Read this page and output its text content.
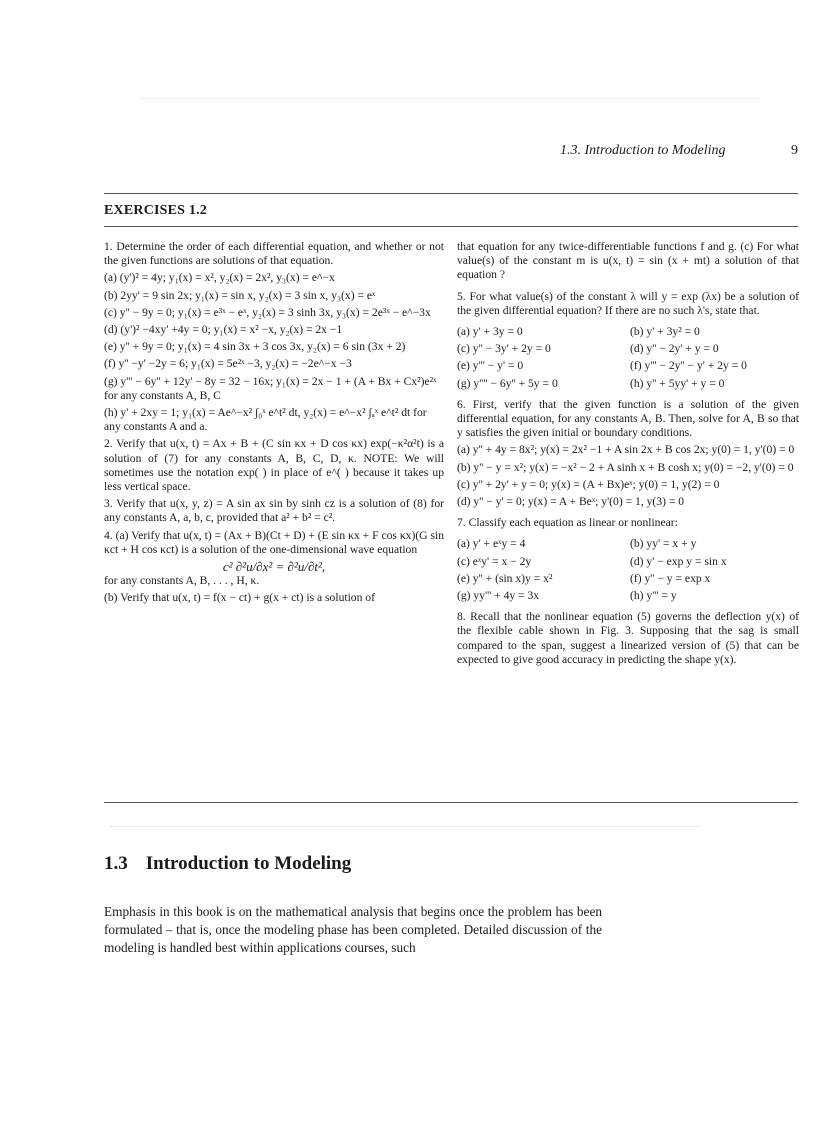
1.3. Introduction to Modeling	9
EXERCISES 1.2

1. Determine the order of each differential equation, and whether or not the given functions are solutions of that equation.

(a) (y')² = 4y; y₁(x) = x², y₂(x) = 2x², y₃(x) = e^−x

(b) 2yy' = 9 sin 2x; y₁(x) = sin x, y₂(x) = 3 sin x, y₃(x) = eˣ

(c) y'' − 9y = 0; y₁(x) = e³ˣ − eˣ, y₂(x) = 3 sinh 3x, y₃(x) = 2e³ˣ − e^−3x

(d) (y')² −4xy' +4y = 0; y₁(x) = x² −x, y₂(x) = 2x −1

(e) y'' + 9y = 0; y₁(x) = 4 sin 3x + 3 cos 3x, y₂(x) = 6 sin (3x + 2)

(f) y'' −y' −2y = 6; y₁(x) = 5e²ˣ −3, y₂(x) = −2e^−x −3

(g) y''' − 6y'' + 12y' − 8y = 32 − 16x; y₁(x) = 2x − 1 + (A + Bx + Cx²)e²ˣ for any constants A, B, C

(h) y' + 2xy = 1; y₁(x) = Ae^−x² ∫₀ˣ e^t² dt, y₂(x) = e^−x² ∫ₐˣ e^t² dt for any constants A and a.

2. Verify that u(x, t) = Ax + B + (C sin κx + D cos κx) exp(−κ²α²t) is a solution of (7) for any constants A, B, C, D, κ. NOTE: We will sometimes use the notation exp( ) in place of e^( ) because it takes up less vertical space.

3. Verify that u(x, y, z) = A sin ax sin by sinh cz is a solution of (8) for any constants A, a, b, c, provided that a² + b² = c².

4. (a) Verify that u(x, t) = (Ax + B)(Ct + D) + (E sin κx + F cos κx)(G sin κct + H cos κct) is a solution of the one-dimensional wave equation

c² ∂²u/∂x² = ∂²u/∂t²,

for any constants A, B, . . . , H, κ.

(b) Verify that u(x, t) = f(x − ct) + g(x + ct) is a solution of

that equation for any twice-differentiable functions f and g. (c) For what value(s) of the constant m is u(x, t) = sin (x + mt) a solution of that equation ?

5. For what value(s) of the constant λ will y = exp (λx) be a solution of the given differential equation? If there are no such λ's, state that.

(a) y' + 3y = 0	(b) y' + 3y² = 0
(c) y'' − 3y' + 2y = 0	(d) y'' − 2y' + y = 0
(e) y''' − y' = 0	(f) y''' − 2y'' − y' + 2y = 0
(g) y'''' − 6y'' + 5y = 0	(h) y'' + 5yy' + y = 0

6. First, verify that the given function is a solution of the given differential equation, for any constants A, B. Then, solve for A, B so that y satisfies the given initial or boundary conditions.

(a) y'' + 4y = 8x²; y(x) = 2x² −1 + A sin 2x + B cos 2x; y(0) = 1, y'(0) = 0

(b) y'' − y = x²; y(x) = −x² − 2 + A sinh x + B cosh x; y(0) = −2, y'(0) = 0

(c) y'' + 2y' + y = 0; y(x) = (A + Bx)eˣ; y(0) = 1, y(2) = 0

(d) y'' − y' = 0; y(x) = A + Beˣ; y'(0) = 1, y(3) = 0

7. Classify each equation as linear or nonlinear:

(a) y' + eˣy = 4	(b) yy' = x + y
(c) eˣy' = x − 2y	(d) y' − exp y = sin x
(e) y'' + (sin x)y = x²	(f) y'' − y = exp x
(g) yy''' + 4y = 3x	(h) y''' = y

8. Recall that the nonlinear equation (5) governs the deflection y(x) of the flexible cable shown in Fig. 3. Supposing that the sag is small compared to the span, suggest a linearized version of (5) that can be expected to give good accuracy in predicting the shape y(x).

1.3 Introduction to Modeling

Emphasis in this book is on the mathematical analysis that begins once the problem has been formulated – that is, once the modeling phase has been completed. Detailed discussion of the modeling is handled best within applications courses, such
